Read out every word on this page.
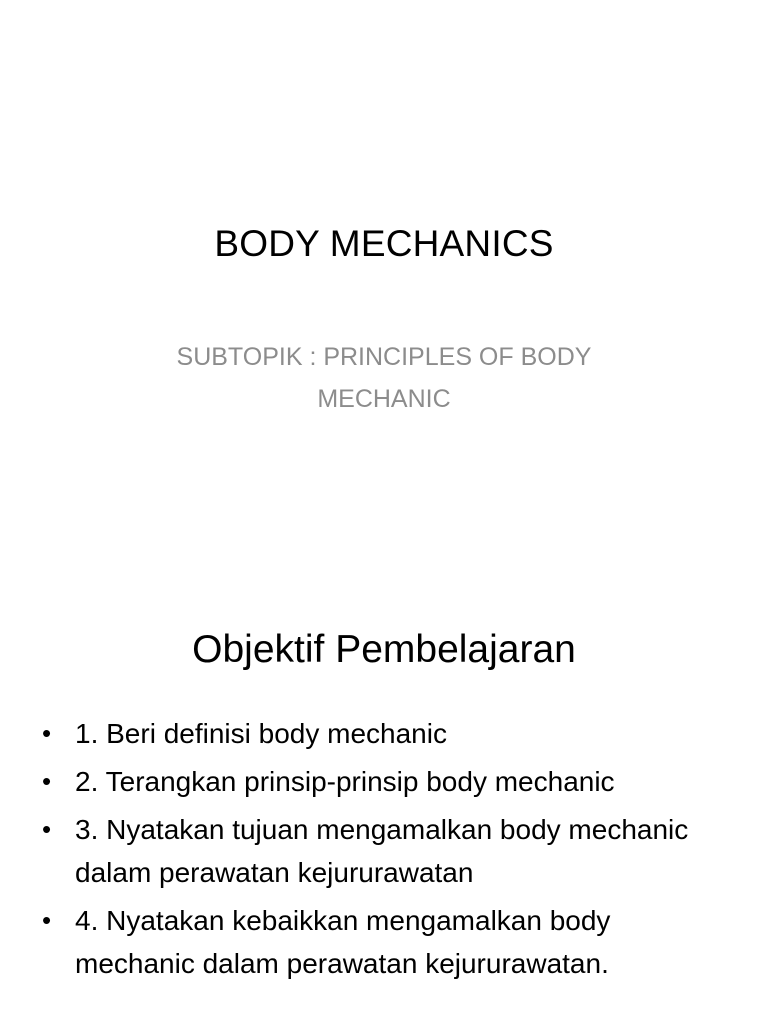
BODY MECHANICS

SUBTOPIK : PRINCIPLES OF BODY MECHANIC

Objektif Pembelajaran
• 1. Beri definisi body mechanic
• 2. Terangkan prinsip-prinsip body mechanic
• 3. Nyatakan tujuan mengamalkan body mechanic dalam perawatan kejururawatan
• 4. Nyatakan kebaikkan mengamalkan body mechanic dalam perawatan kejururawatan.
